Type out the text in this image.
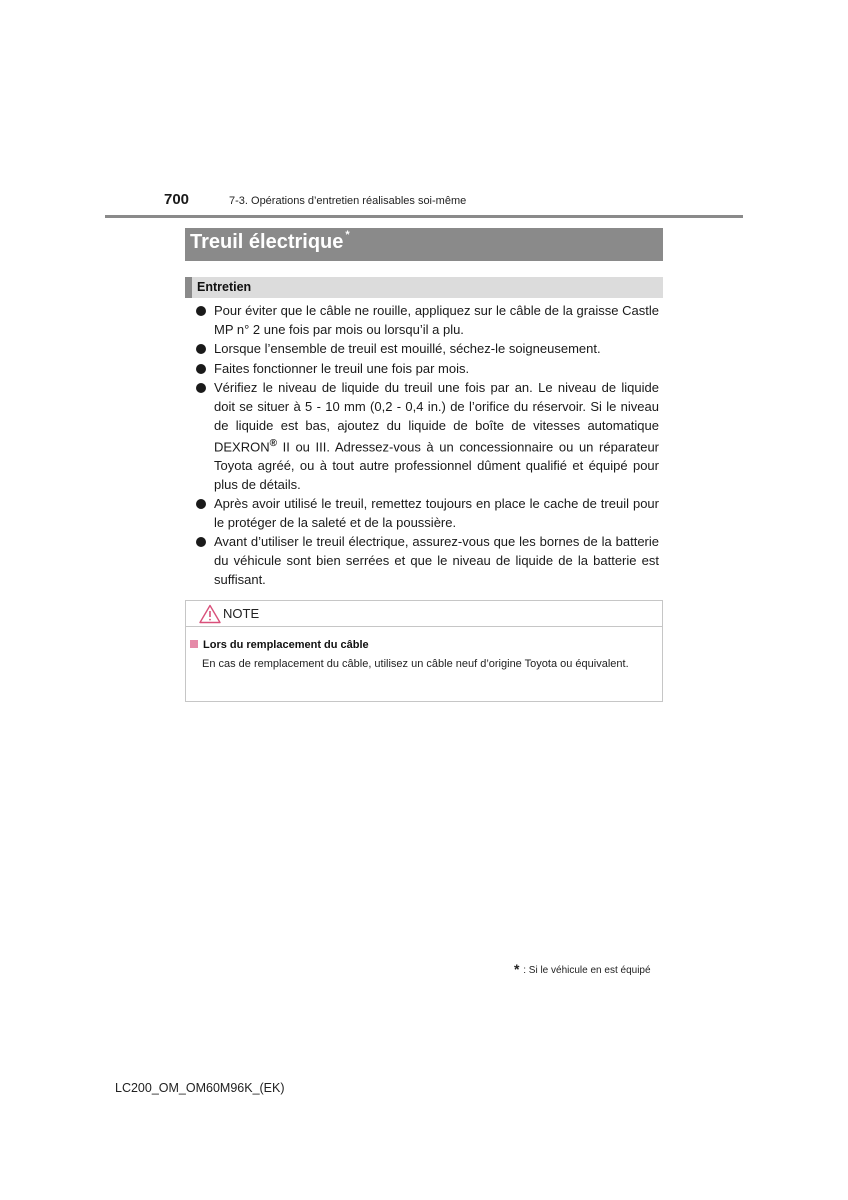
700	7-3. Opérations d’entretien réalisables soi-même
Treuil électrique *
Entretien
Pour éviter que le câble ne rouille, appliquez sur le câble de la graisse Castle MP n° 2 une fois par mois ou lorsqu’il a plu.
Lorsque l’ensemble de treuil est mouillé, séchez-le soigneusement.
Faites fonctionner le treuil une fois par mois.
Vérifiez le niveau de liquide du treuil une fois par an. Le niveau de liquide doit se situer à 5 - 10 mm (0,2 - 0,4 in.) de l’orifice du réservoir. Si le niveau de liquide est bas, ajoutez du liquide de boîte de vitesses automatique DEXRON® II ou III. Adressez-vous à un concessionnaire ou un réparateur Toyota agréé, ou à tout autre professionnel dûment qualifié et équipé pour plus de détails.
Après avoir utilisé le treuil, remettez toujours en place le cache de treuil pour le protéger de la saleté et de la poussière.
Avant d’utiliser le treuil électrique, assurez-vous que les bornes de la batterie du véhicule sont bien serrées et que le niveau de liquide de la batterie est suffisant.
NOTE
Lors du remplacement du câble
En cas de remplacement du câble, utilisez un câble neuf d’origine Toyota ou équivalent.
* : Si le véhicule en est équipé
LC200_OM_OM60M96K_(EK)
